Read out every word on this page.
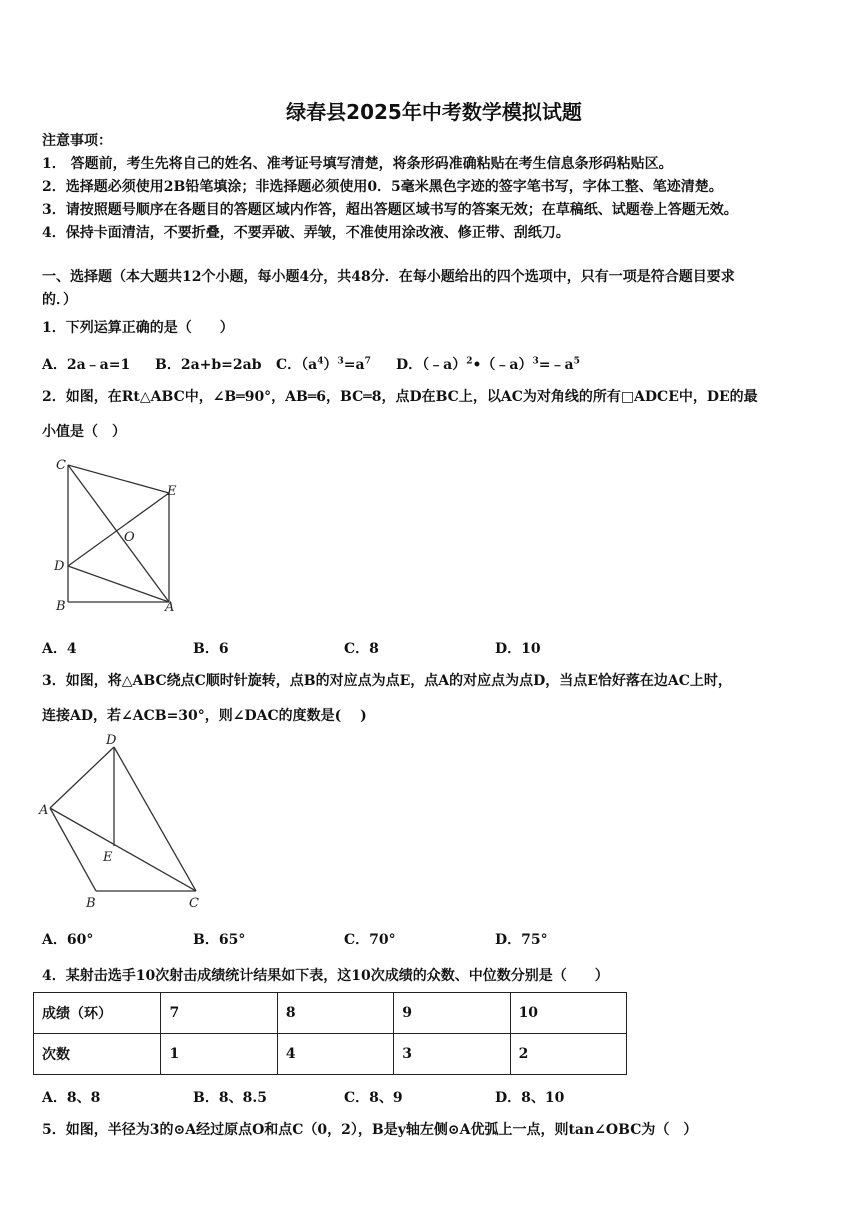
绿春县2025年中考数学模拟试题
注意事项：
1． 答题前，考生先将自己的姓名、准考证号填写清楚，将条形码准确粘贴在考生信息条形码粘贴区。
2．选择题必须使用2B铅笔填涂；非选择题必须使用0．5毫米黑色字迹的签字笔书写，字体工整、笔迹清楚。
3．请按照题号顺序在各题目的答题区域内作答，超出答题区域书写的答案无效；在草稿纸、试题卷上答题无效。
4．保持卡面清洁，不要折叠，不要弄破、弄皱，不准使用涂改液、修正带、刮纸刀。
一、选择题（本大题共12个小题，每小题4分，共48分．在每小题给出的四个选项中，只有一项是符合题目要求
的．）
1．下列运算正确的是（　　）
A．2a﹣a=1 B．2a+b=2ab C．$(a^4)^3=a^7$ D．$(﹣a)^2•(﹣a)^3=﹣a^5$
2．如图，在Rt△ABC中，∠B═90°，AB═6，BC═8，点D在BC上，以AC为对角线的所有□ADCE中，DE的最
小值是（　）
C
E
O
D
B	A
A．4	B．6	C．8	D．10
3．如图，将△ABC绕点C顺时针旋转，点B的对应点为点E，点A的对应点为点D，当点E恰好落在边AC上时，
连接AD，若∠ACB=30°，则∠DAC的度数是(　 )
D
A
E
B	C
A．60°	B．65°	C．70°	D．75°
4．某射击选手10次射击成绩统计结果如下表，这10次成绩的众数、中位数分别是（　　）
成绩（环）	7	8	9	10
次数	1	4	3	2
A．8、8	B．8、8.5	C．8、9	D．8、10
5．如图，半径为3的⊙A经过原点O和点C（0，2），B是y轴左侧⊙A优弧上一点，则tan∠OBC为（　）
